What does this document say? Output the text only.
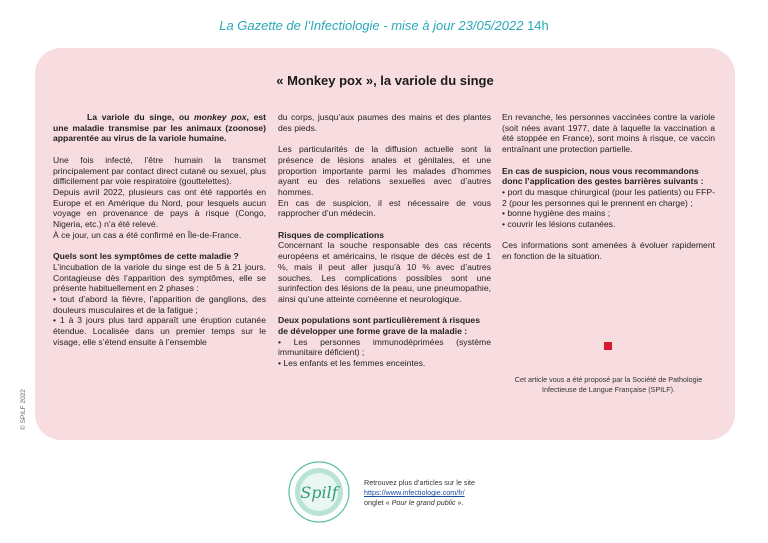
La Gazette de l’Infectiologie - mise à jour 23/05/2022 14h
« Monkey pox », la variole du singe

La variole du singe, ou monkey pox, est une maladie transmise par les animaux (zoonose) apparentée au virus de la variole humaine.

Une fois infecté, l’être humain la transmet principalement par contact direct cutané ou sexuel, plus difficilement par voie respiratoire (gouttelettes).

Depuis avril 2022, plusieurs cas ont été rapportés en Europe et en Amérique du Nord, pour lesquels aucun voyage en provenance de pays à risque (Congo, Nigeria, etc.) n’a été relevé.

À ce jour, un cas a été confirmé en Île-de-France.

Quels sont les symptômes de cette maladie ?

L’incubation de la variole du singe est de 5 à 21 jours. Contagieuse dès l’apparition des symptômes, elle se présente habituellement en 2 phases :

• tout d’abord la fièvre, l’apparition de ganglions, des douleurs musculaires et de la fatigue ;

• 1 à 3 jours plus tard apparaît une éruption cutanée étendue. Localisée dans un premier temps sur le visage, elle s’étend ensuite à l’ensemble

du corps, jusqu’aux paumes des mains et des plantes des pieds.

Les particularités de la diffusion actuelle sont la présence de lésions anales et génitales, et une proportion importante parmi les malades d’hommes ayant eu des relations sexuelles avec d’autres hommes.

En cas de suspicion, il est nécessaire de vous rapprocher d’un médecin.

Risques de complications

Concernant la souche responsable des cas récents européens et américains, le risque de décès est de 1 %, mais il peut aller jusqu’à 10 % avec d’autres souches. Les complications possibles sont une surinfection des lésions de la peau, une pneumopathie, ainsi qu’une atteinte cornéenne et neurologique.

Deux populations sont particulièrement à risques de développer une forme grave de la maladie :

• Les personnes immunodéprimées (système immunitaire déficient) ;

• Les enfants et les femmes enceintes.

En revanche, les personnes vaccinées contre la variole (soit nées avant 1977, date à laquelle la vaccination a été stoppée en France), sont moins à risque, ce vaccin entraînant une protection partielle.

En cas de suspicion, nous vous recommandons donc l’application des gestes barrières suivants :

• port du masque chirurgical (pour les patients) ou FFP-2 (pour les personnes qui le prennent en charge) ;

• bonne hygiène des mains ;

• couvrir les lésions cutanées.

Ces informations sont amenées à évoluer rapidement en fonction de la situation.

Cet article vous a été proposé par la Société de Pathologie Infectieuse de Langue Française (SPILF).
© SPILF 2022
Spilf
Retrouvez plus d’articles sur le site
https://www.infectiologie.com/fr/
onglet « Pour le grand public ».
